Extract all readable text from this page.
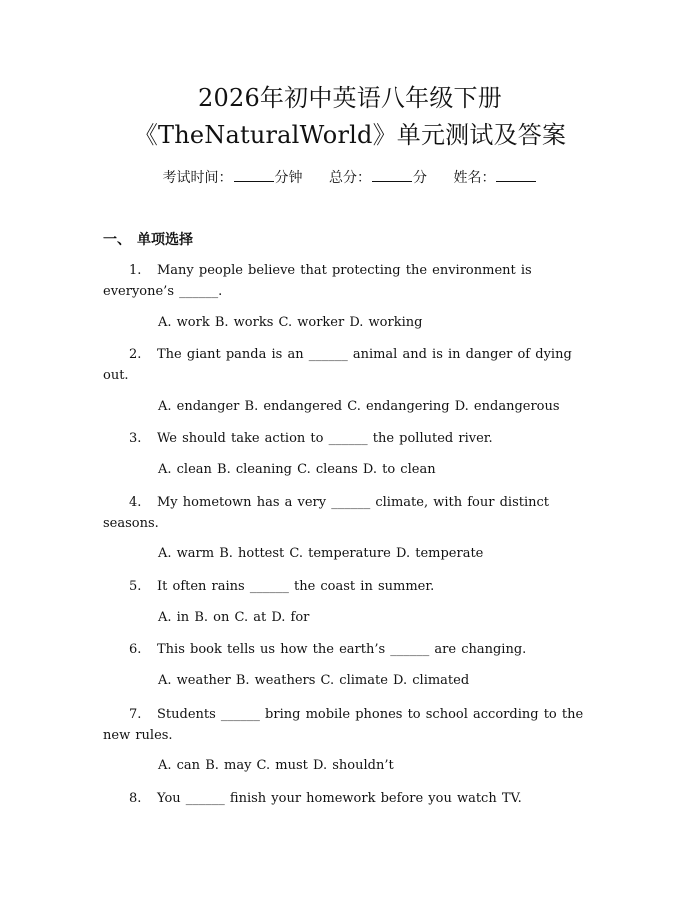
2026年初中英语八年级下册
《TheNaturalWorld》单元测试及答案
考试时间：	分钟 总分：	分 姓名：
一、 单项选择
1. Many people believe that protecting the environment is everyone’s ______.
A. work B. works C. worker D. working
2. The giant panda is an ______ animal and is in danger of dying out.
A. endanger B. endangered C. endangering D. endangerous
3. We should take action to ______ the polluted river.
A. clean B. cleaning C. cleans D. to clean
4. My hometown has a very ______ climate, with four distinct seasons.
A. warm B. hottest C. temperature D. temperate
5. It often rains ______ the coast in summer.
A. in B. on C. at D. for
6. This book tells us how the earth’s ______ are changing.
A. weather B. weathers C. climate D. climated
7. Students ______ bring mobile phones to school according to the new rules.
A. can B. may C. must D. shouldn’t
8. You ______ finish your homework before you watch TV.
